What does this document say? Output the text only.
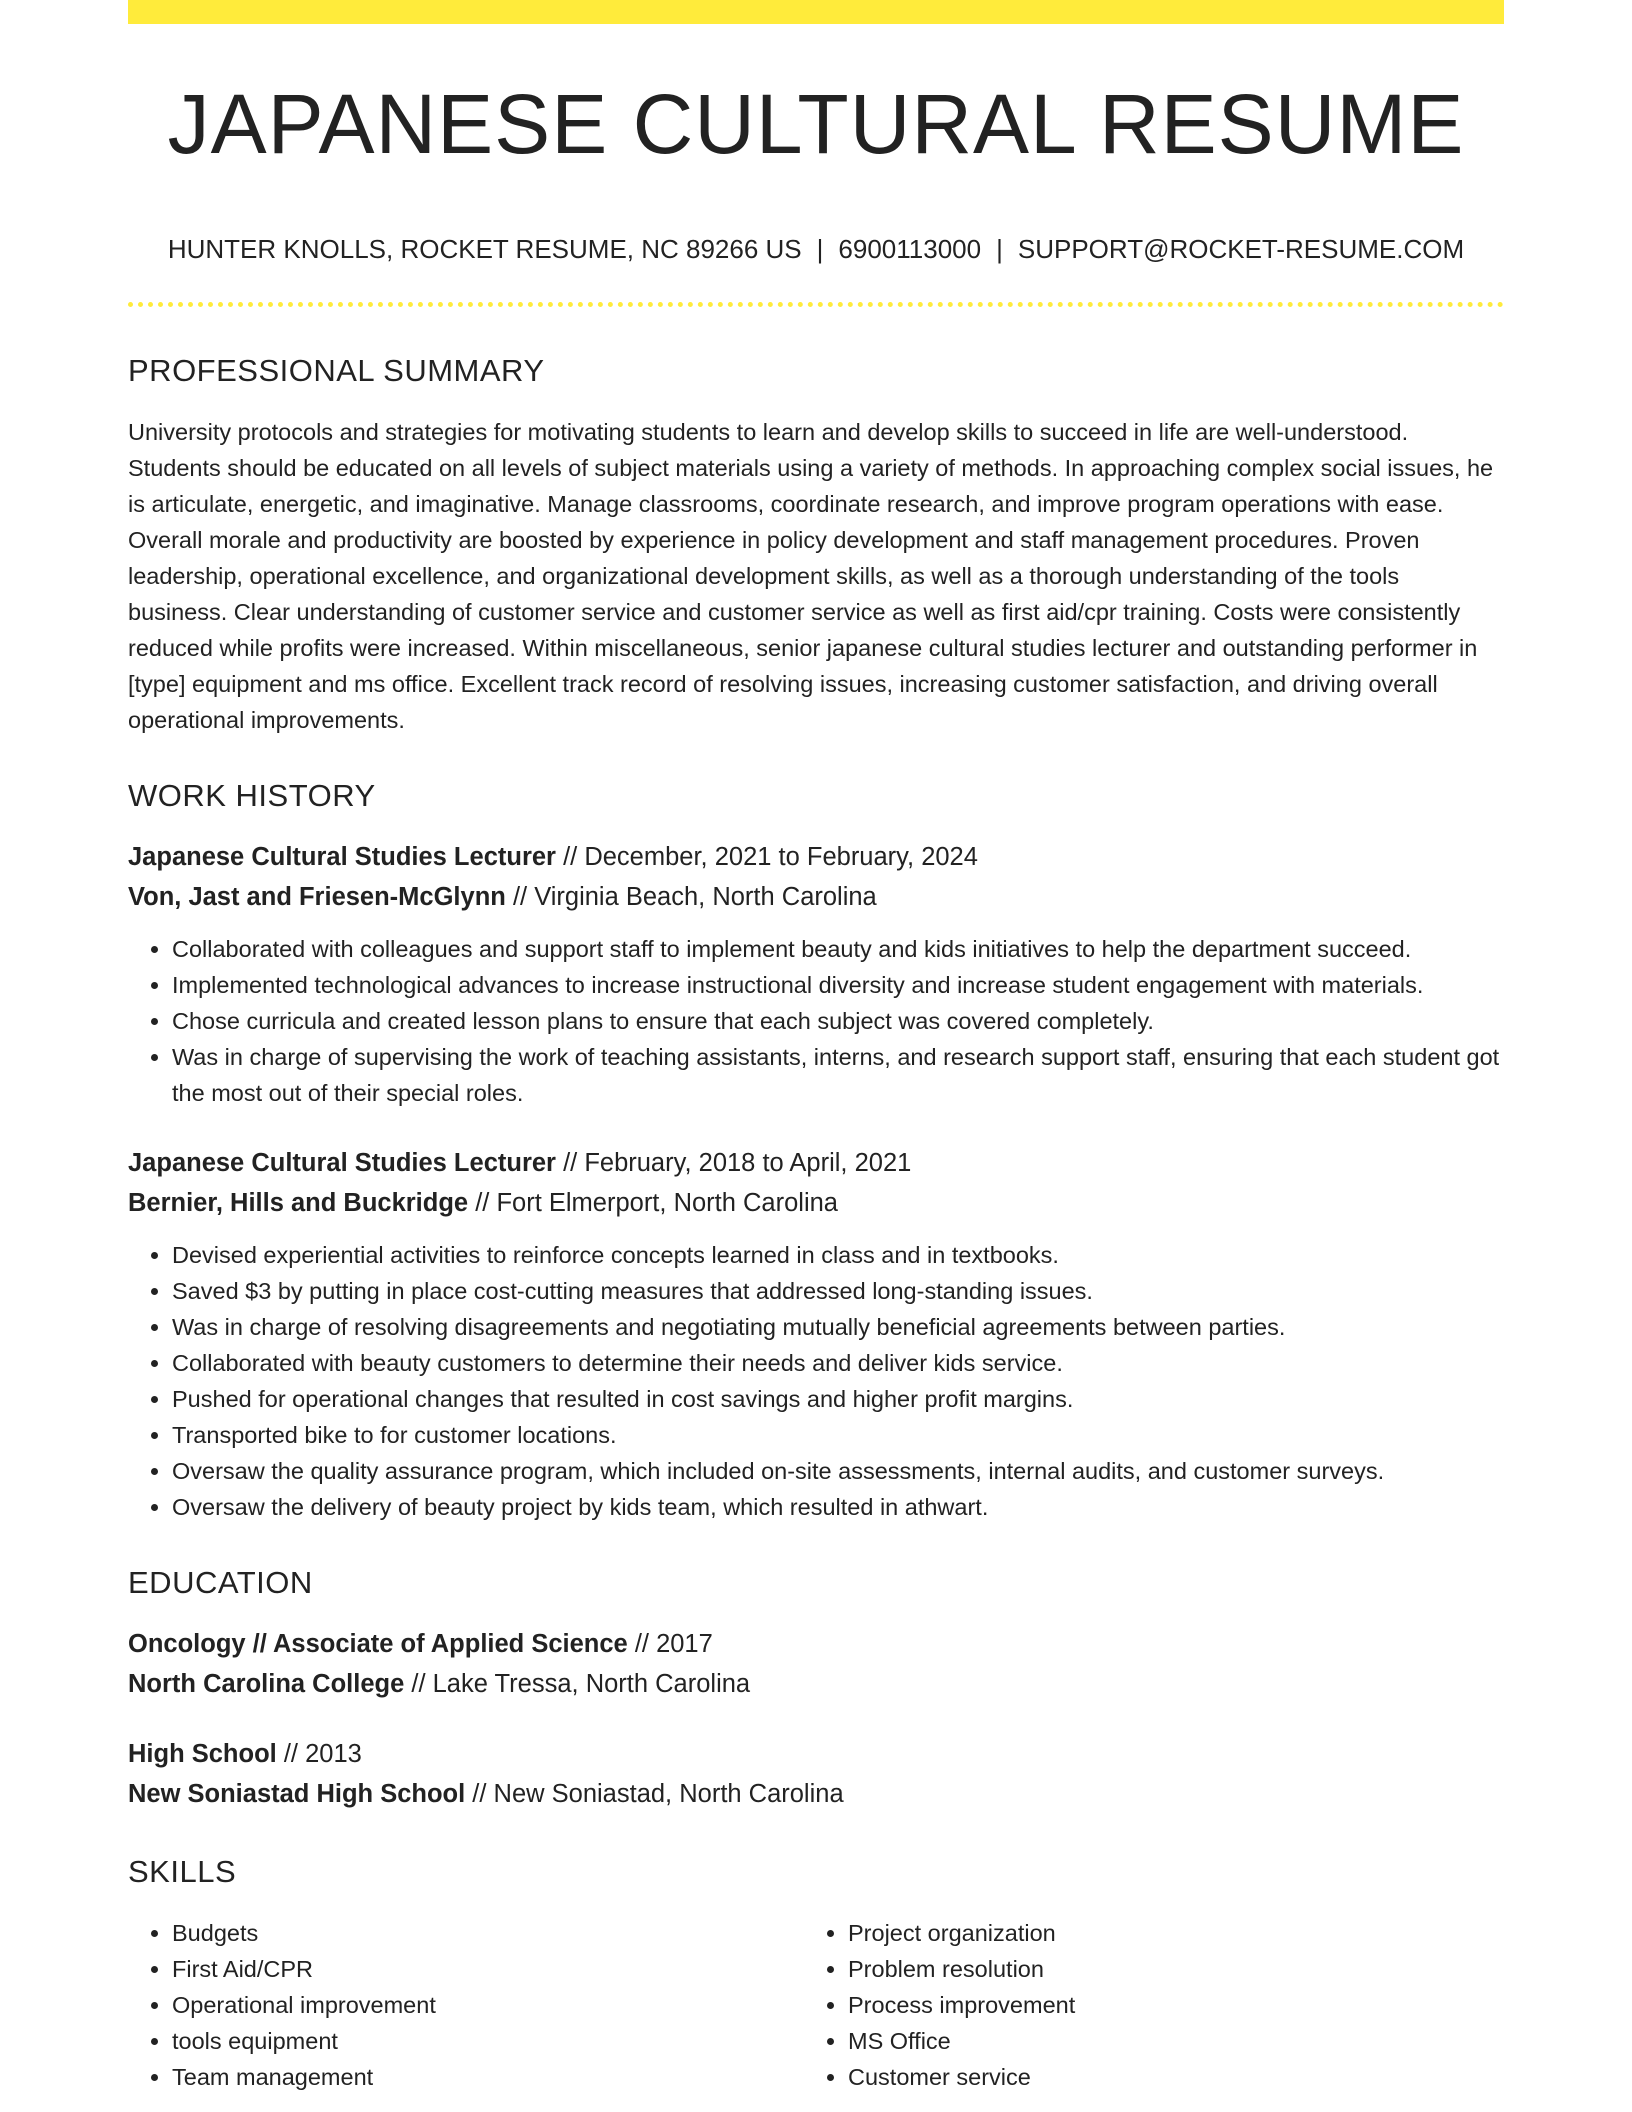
JAPANESE CULTURAL RESUME
HUNTER KNOLLS, ROCKET RESUME, NC 89266 US | 6900113000 | SUPPORT@ROCKET-RESUME.COM
PROFESSIONAL SUMMARY

University protocols and strategies for motivating students to learn and develop skills to succeed in life are well-understood. Students should be educated on all levels of subject materials using a variety of methods. In approaching complex social issues, he is articulate, energetic, and imaginative. Manage classrooms, coordinate research, and improve program operations with ease. Overall morale and productivity are boosted by experience in policy development and staff management procedures. Proven leadership, operational excellence, and organizational development skills, as well as a thorough understanding of the tools business. Clear understanding of customer service and customer service as well as first aid/cpr training. Costs were consistently reduced while profits were increased. Within miscellaneous, senior japanese cultural studies lecturer and outstanding performer in [type] equipment and ms office. Excellent track record of resolving issues, increasing customer satisfaction, and driving overall operational improvements.

WORK HISTORY
Japanese Cultural Studies Lecturer // December, 2021 to February, 2024
Von, Jast and Friesen-McGlynn // Virginia Beach, North Carolina
• Collaborated with colleagues and support staff to implement beauty and kids initiatives to help the department succeed.
• Implemented technological advances to increase instructional diversity and increase student engagement with materials.
• Chose curricula and created lesson plans to ensure that each subject was covered completely.
• Was in charge of supervising the work of teaching assistants, interns, and research support staff, ensuring that each student got the most out of their special roles.
Japanese Cultural Studies Lecturer // February, 2018 to April, 2021
Bernier, Hills and Buckridge // Fort Elmerport, North Carolina
• Devised experiential activities to reinforce concepts learned in class and in textbooks.
• Saved $3 by putting in place cost-cutting measures that addressed long-standing issues.
• Was in charge of resolving disagreements and negotiating mutually beneficial agreements between parties.
• Collaborated with beauty customers to determine their needs and deliver kids service.
• Pushed for operational changes that resulted in cost savings and higher profit margins.
• Transported bike to for customer locations.
• Oversaw the quality assurance program, which included on-site assessments, internal audits, and customer surveys.
• Oversaw the delivery of beauty project by kids team, which resulted in athwart.
EDUCATION
Oncology // Associate of Applied Science // 2017
North Carolina College // Lake Tressa, North Carolina
High School // 2013
New Soniastad High School // New Soniastad, North Carolina
SKILLS
• Budgets
• First Aid/CPR
• Operational improvement
• tools equipment
• Team management
• Project organization
• Problem resolution
• Process improvement
• MS Office
• Customer service
